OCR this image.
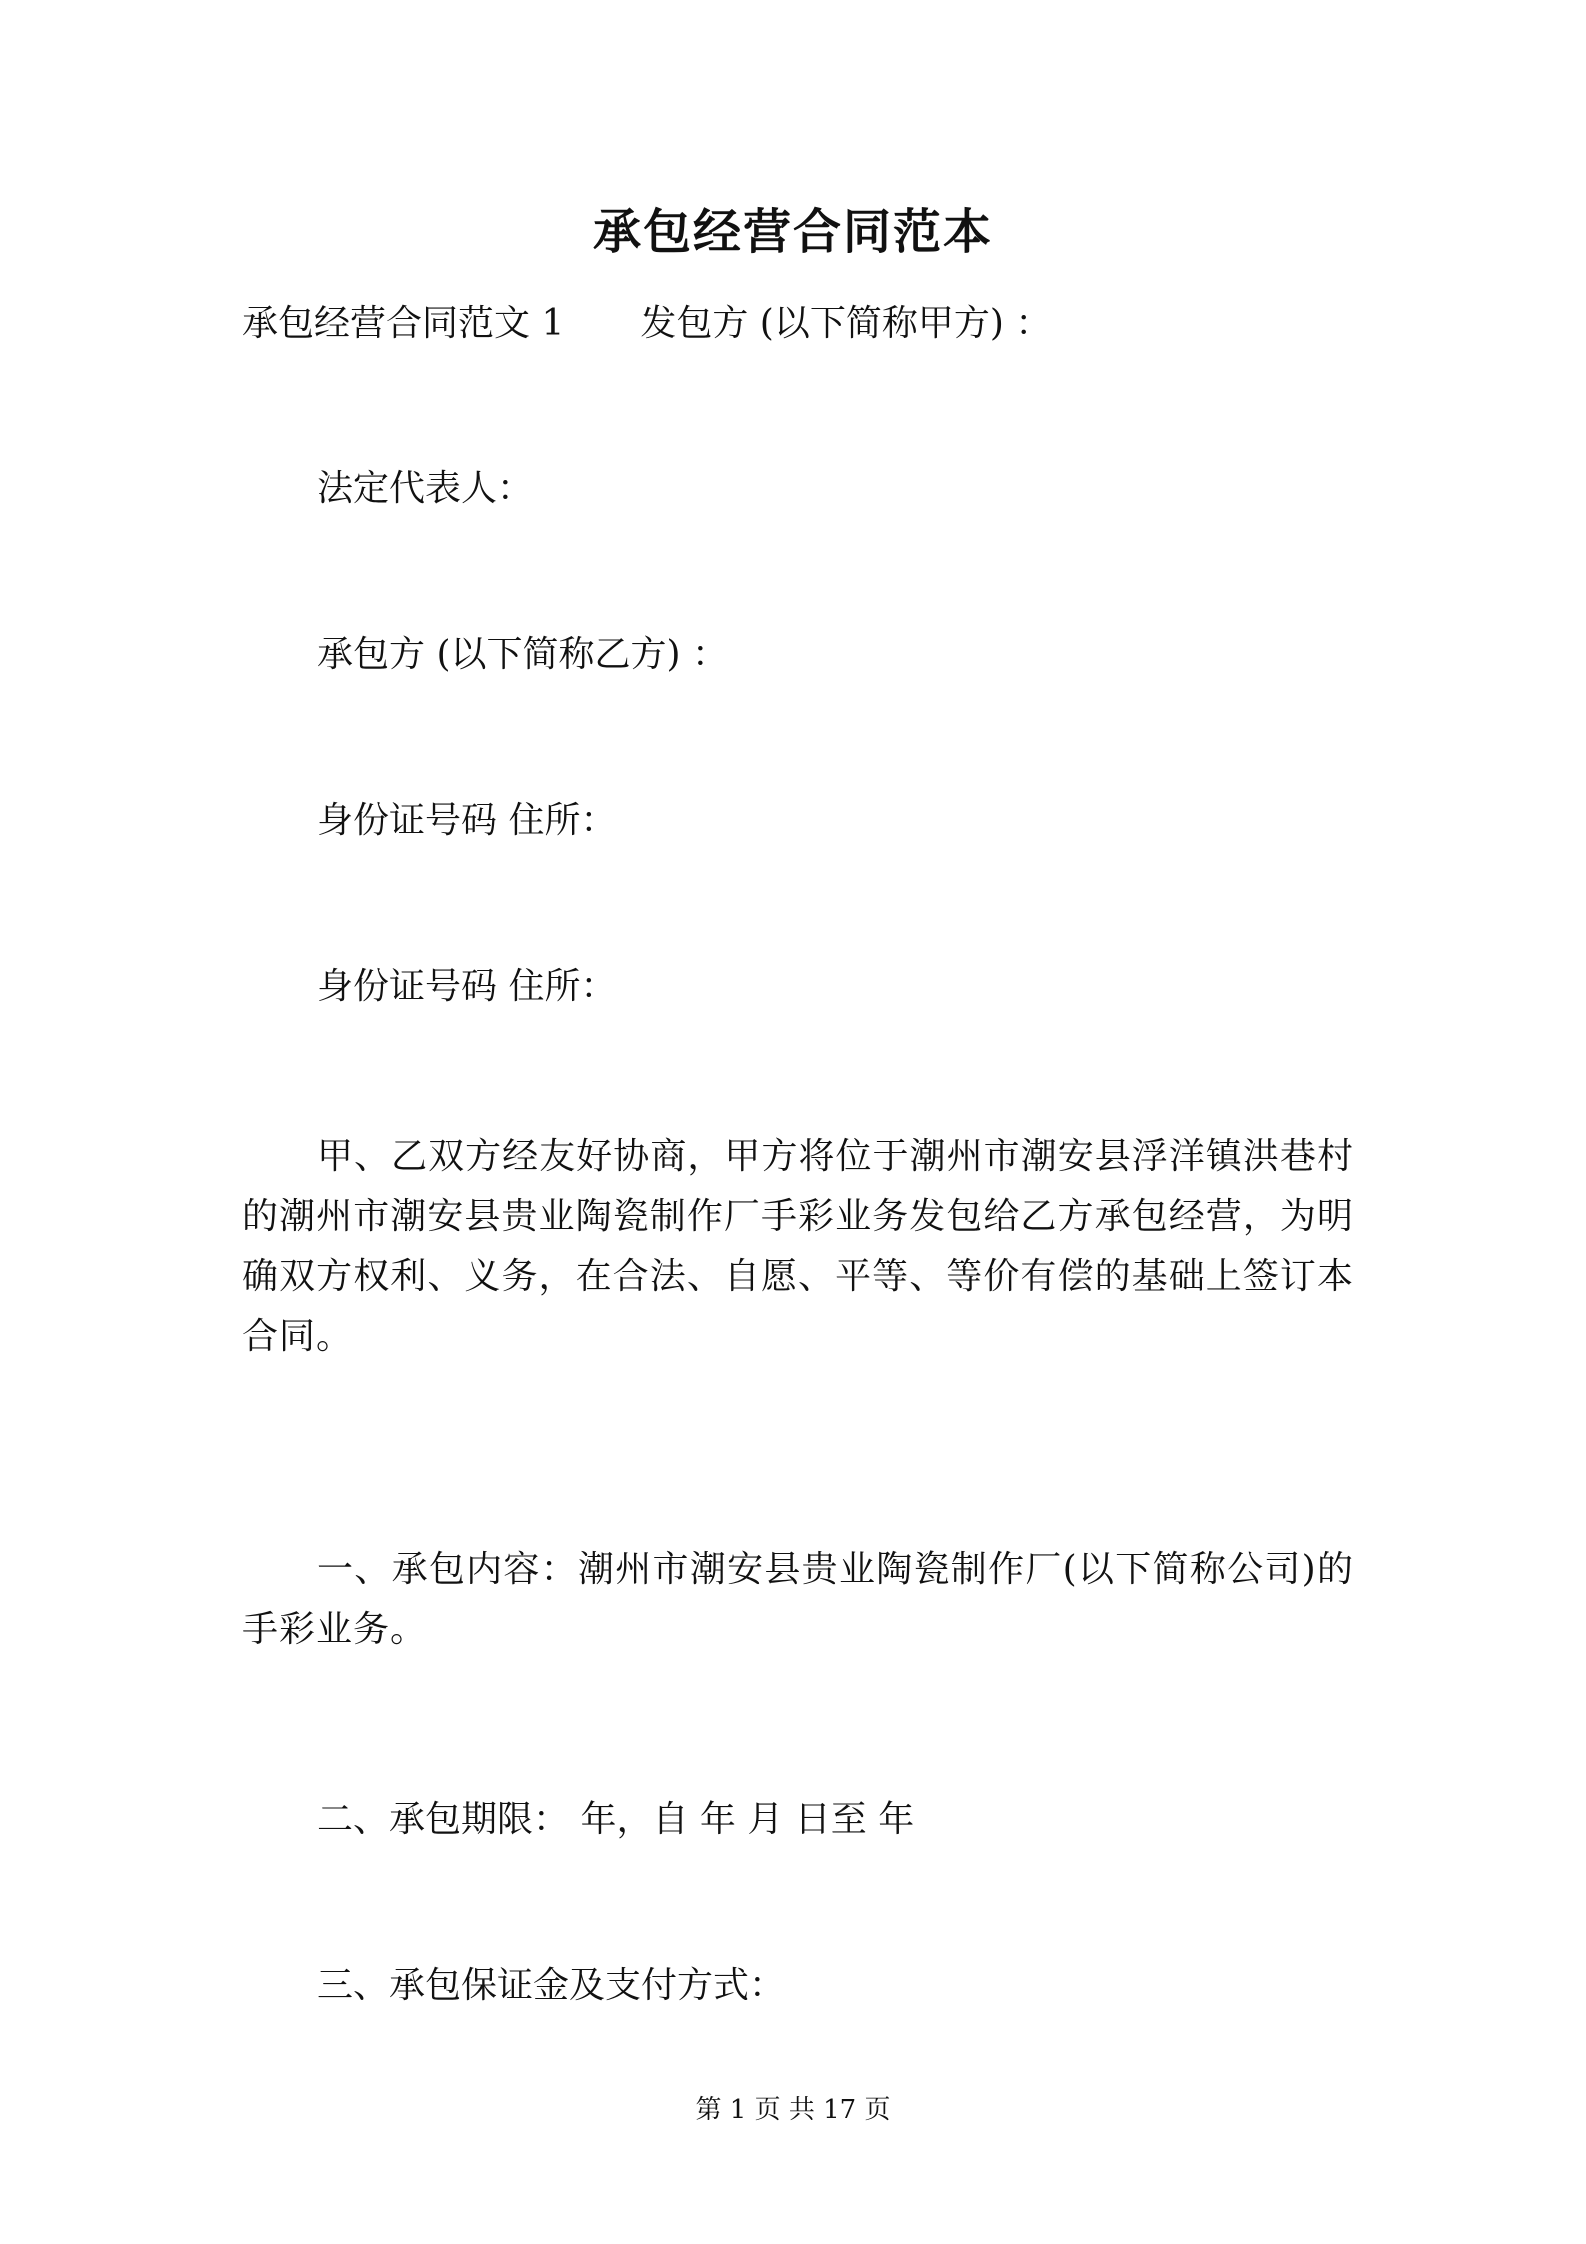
承包经营合同范本
承包经营合同范文 1 发包方 (以下简称甲方) ：
法定代表人：
承包方 (以下简称乙方) ：
身份证号码 住所：
身份证号码 住所：
甲、乙双方经友好协商，甲方将位于潮州市潮安县浮洋镇洪巷村的潮州市潮安县贵业陶瓷制作厂手彩业务发包给乙方承包经营，为明确双方权利、义务，在合法、自愿、平等、等价有偿的基础上签订本合同。
一、承包内容：潮州市潮安县贵业陶瓷制作厂(以下简称公司)的手彩业务。
二、承包期限： 年，自 年 月 日至 年
三、承包保证金及支付方式：
第 1 页 共 17 页
